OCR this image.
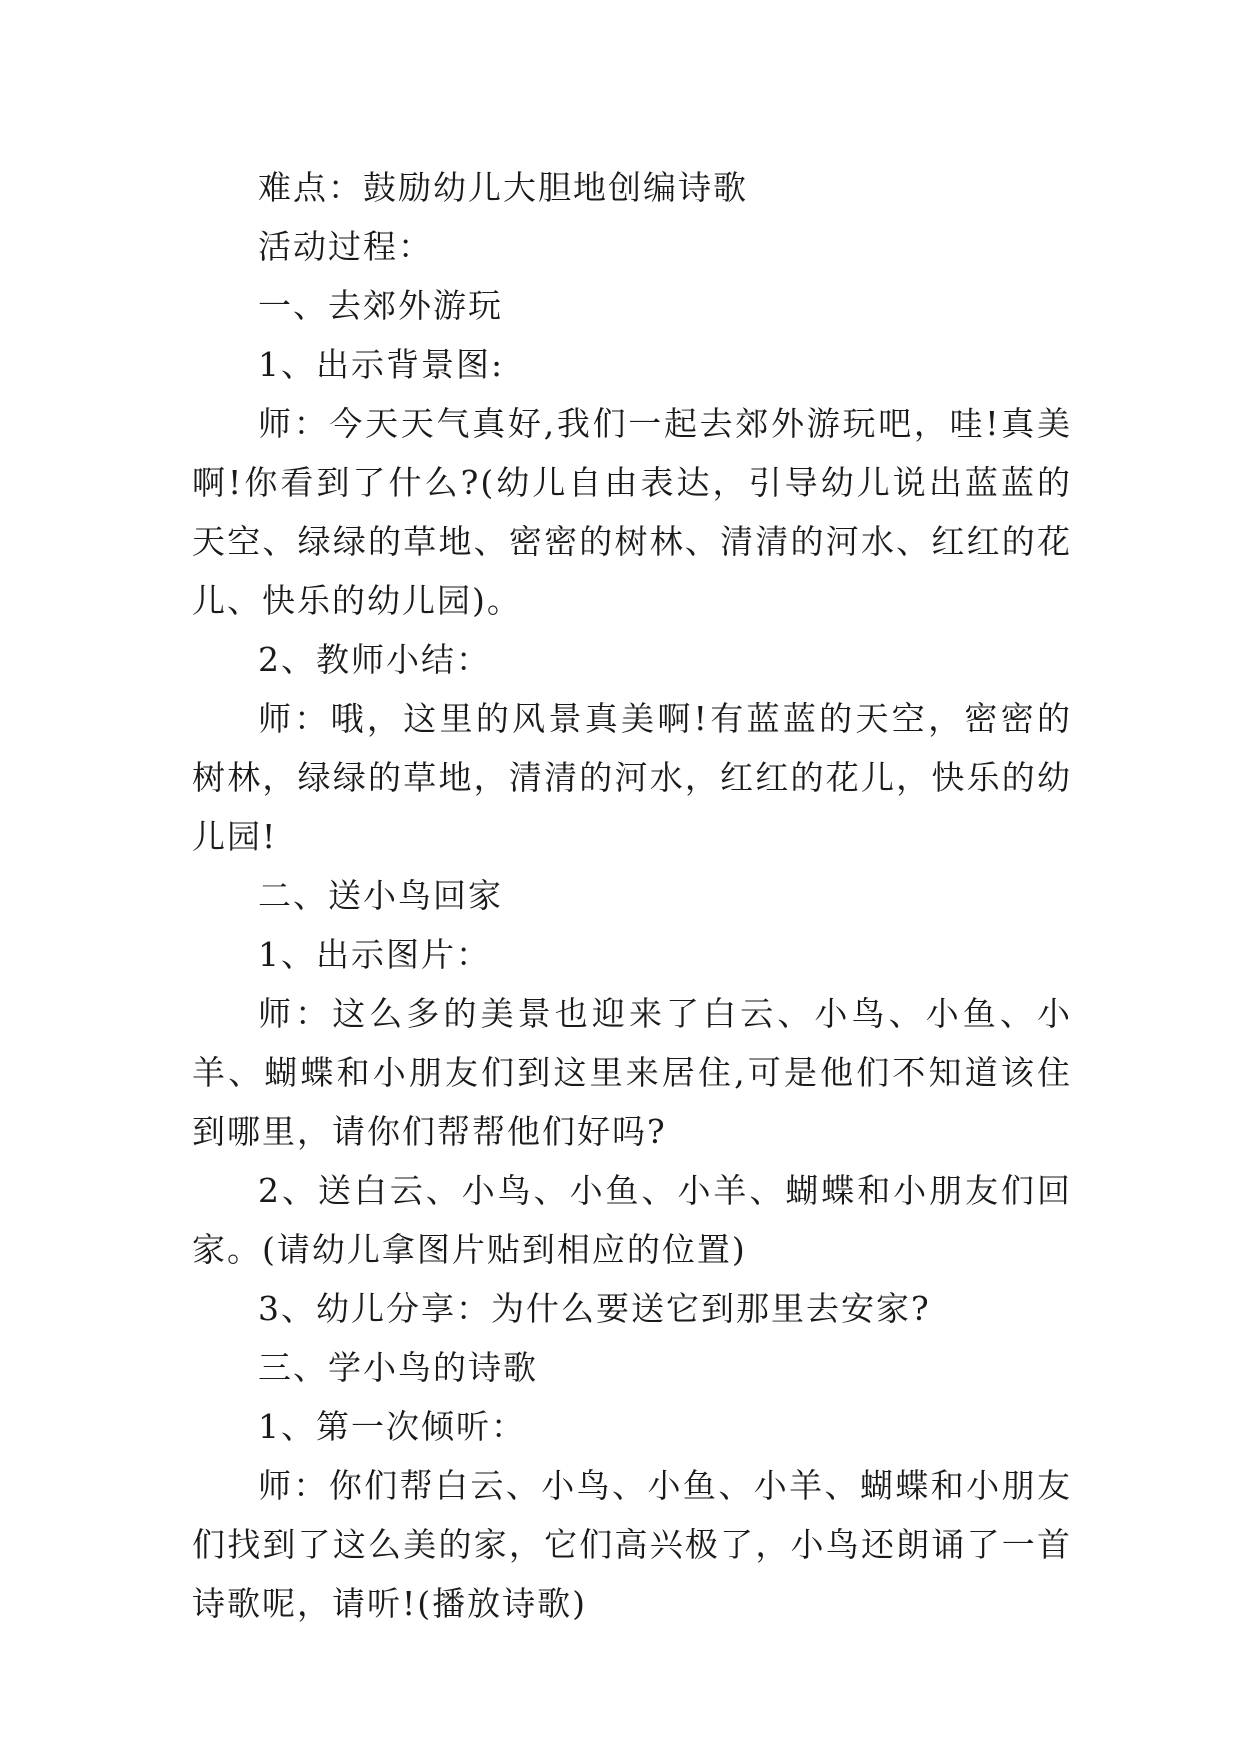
难点：鼓励幼儿大胆地创编诗歌

活动过程：

一、去郊外游玩

1、出示背景图:

师：今天天气真好,我们一起去郊外游玩吧，哇!真美啊!你看到了什么?(幼儿自由表达，引导幼儿说出蓝蓝的天空、绿绿的草地、密密的树林、清清的河水、红红的花儿、快乐的幼儿园)。

2、教师小结：

师：哦，这里的风景真美啊!有蓝蓝的天空，密密的树林，绿绿的草地，清清的河水，红红的花儿，快乐的幼儿园!

二、送小鸟回家

1、出示图片：

师：这么多的美景也迎来了白云、小鸟、小鱼、小羊、蝴蝶和小朋友们到这里来居住,可是他们不知道该住到哪里，请你们帮帮他们好吗?

2、送白云、小鸟、小鱼、小羊、蝴蝶和小朋友们回家。(请幼儿拿图片贴到相应的位置)

3、幼儿分享：为什么要送它到那里去安家?

三、学小鸟的诗歌

1、第一次倾听：

师：你们帮白云、小鸟、小鱼、小羊、蝴蝶和小朋友们找到了这么美的家，它们高兴极了，小鸟还朗诵了一首诗歌呢，请听!(播放诗歌)
